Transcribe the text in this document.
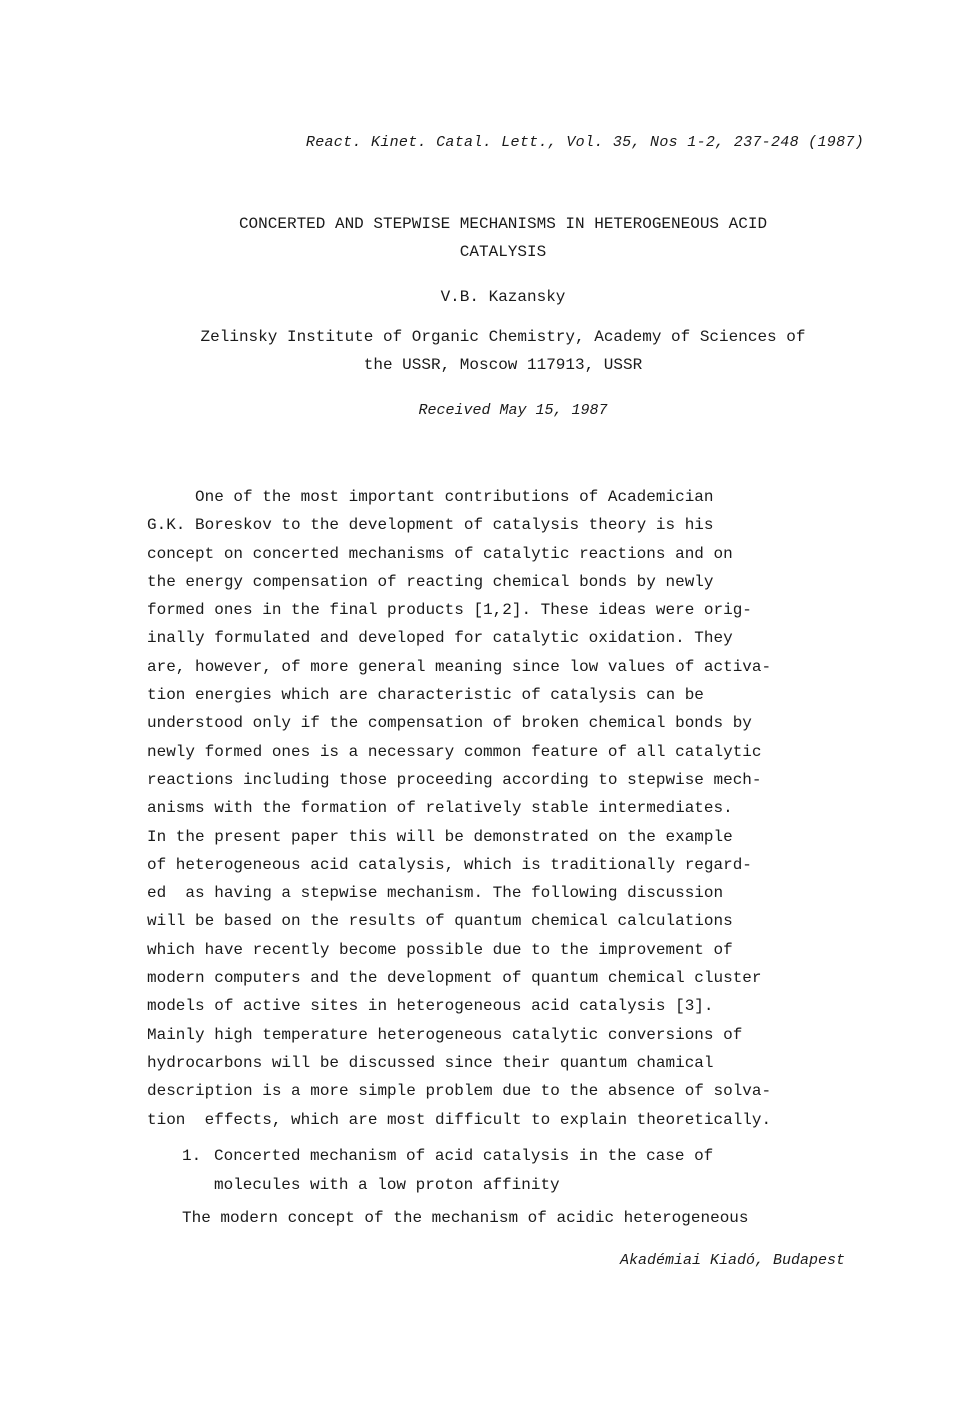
React. Kinet. Catal. Lett., Vol. 35, Nos 1-2, 237-248 (1987)
CONCERTED AND STEPWISE MECHANISMS IN HETEROGENEOUS ACID
CATALYSIS
V.B. Kazansky
Zelinsky Institute of Organic Chemistry, Academy of Sciences of
the USSR, Moscow 117913, USSR
Received May 15, 1987
One of the most important contributions of Academician
G.K. Boreskov to the development of catalysis theory is his
concept on concerted mechanisms of catalytic reactions and on
the energy compensation of reacting chemical bonds by newly
formed ones in the final products [1,2]. These ideas were orig-
inally formulated and developed for catalytic oxidation. They
are, however, of more general meaning since low values of activa-
tion energies which are characteristic of catalysis can be
understood only if the compensation of broken chemical bonds by
newly formed ones is a necessary common feature of all catalytic
reactions including those proceeding according to stepwise mech-
anisms with the formation of relatively stable intermediates.
In the present paper this will be demonstrated on the example
of heterogeneous acid catalysis, which is traditionally regard-
ed  as having a stepwise mechanism. The following discussion
will be based on the results of quantum chemical calculations
which have recently become possible due to the improvement of
modern computers and the development of quantum chemical cluster
models of active sites in heterogeneous acid catalysis [3].
Mainly high temperature heterogeneous catalytic conversions of
hydrocarbons will be discussed since their quantum chamical
description is a more simple problem due to the absence of solva-
tion  effects, which are most difficult to explain theoretically.
1. Concerted mechanism of acid catalysis in the case of
molecules with a low proton affinity
The modern concept of the mechanism of acidic heterogeneous
Akadémiai Kiadó, Budapest
